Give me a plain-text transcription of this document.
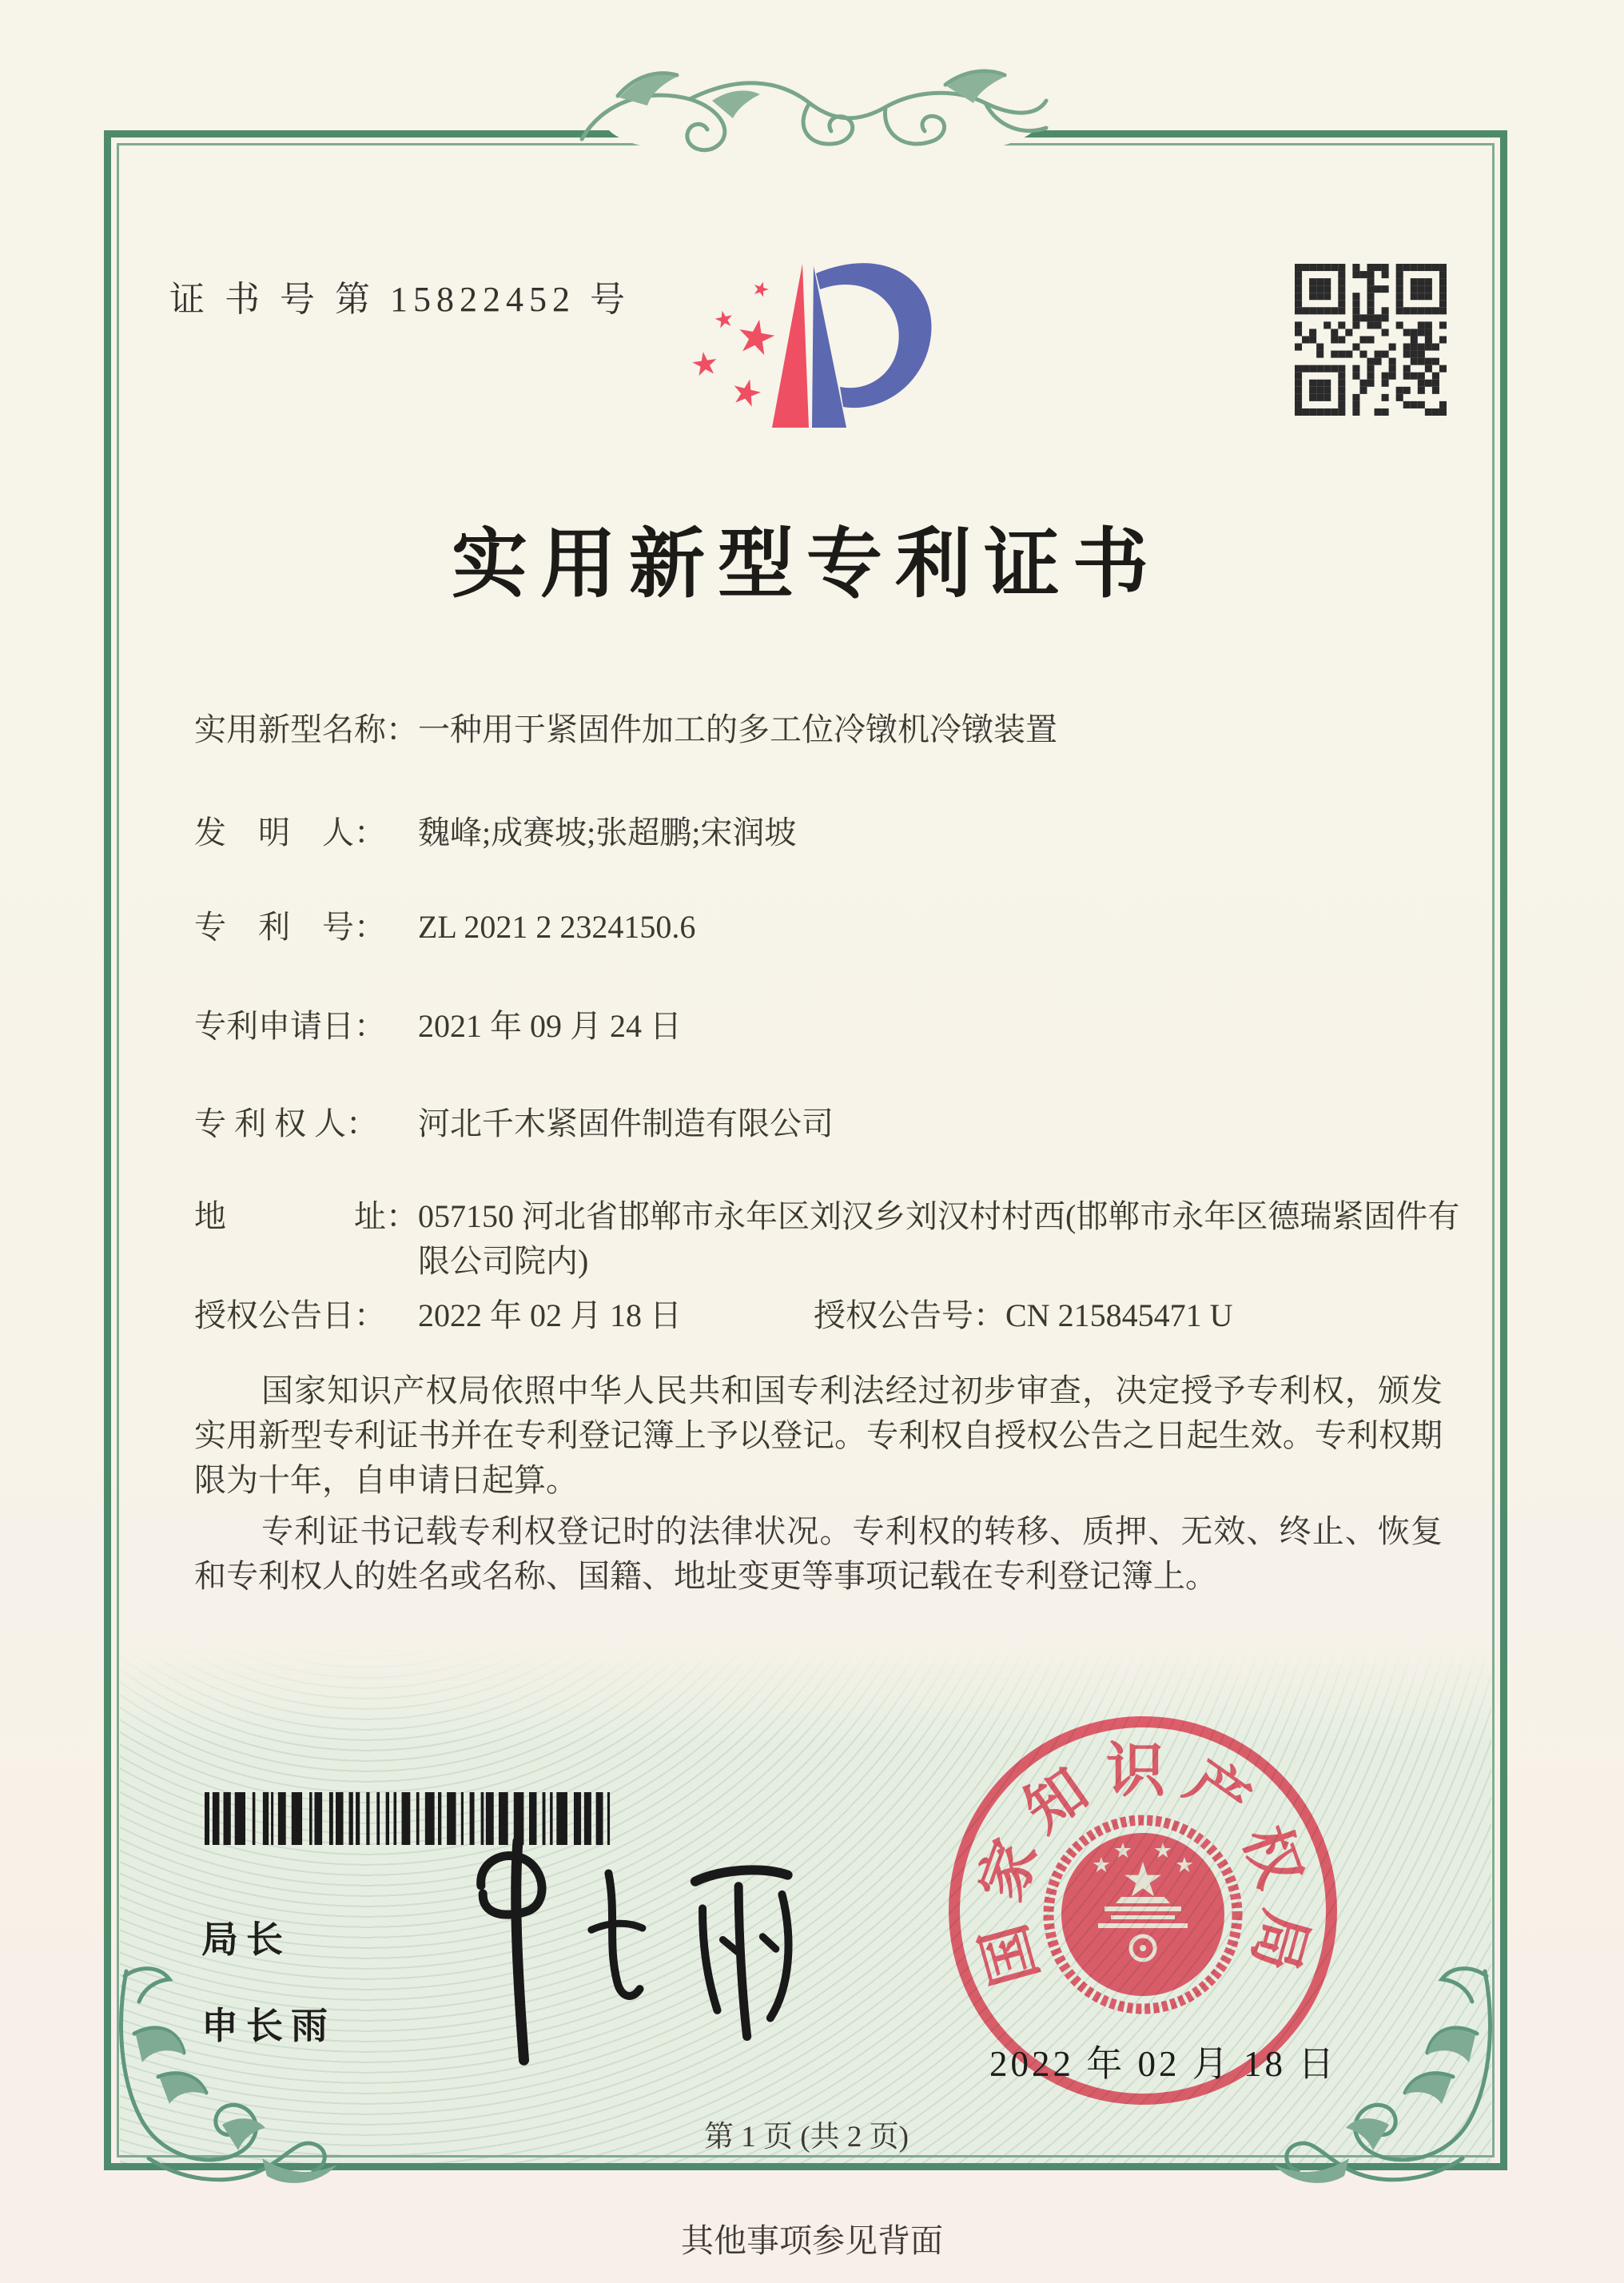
证 书 号 第 15822452 号
实用新型专利证书
实用新型名称：一种用于紧固件加工的多工位冷镦机冷镦装置
发　明　人： 魏峰;成赛坡;张超鹏;宋润坡
专　利　号： ZL 2021 2 2324150.6
专利申请日： 2021 年 09 月 24 日
专 利 权 人： 河北千木紧固件制造有限公司
地　　　　址：057150 河北省邯郸市永年区刘汉乡刘汉村村西(邯郸市永年区德瑞紧固件有限公司院内)
授权公告日： 2022 年 02 月 18 日	授权公告号：CN 215845471 U

国家知识产权局依照中华人民共和国专利法经过初步审查，决定授予专利权，颁发实用新型专利证书并在专利登记簿上予以登记。专利权自授权公告之日起生效。专利权期限为十年，自申请日起算。

专利证书记载专利权登记时的法律状况。专利权的转移、质押、无效、终止、恢复和专利权人的姓名或名称、国籍、地址变更等事项记载在专利登记簿上。

局长
申长雨
国家知识产权局
2022 年 02 月 18 日
第 1 页 (共 2 页)
其他事项参见背面
